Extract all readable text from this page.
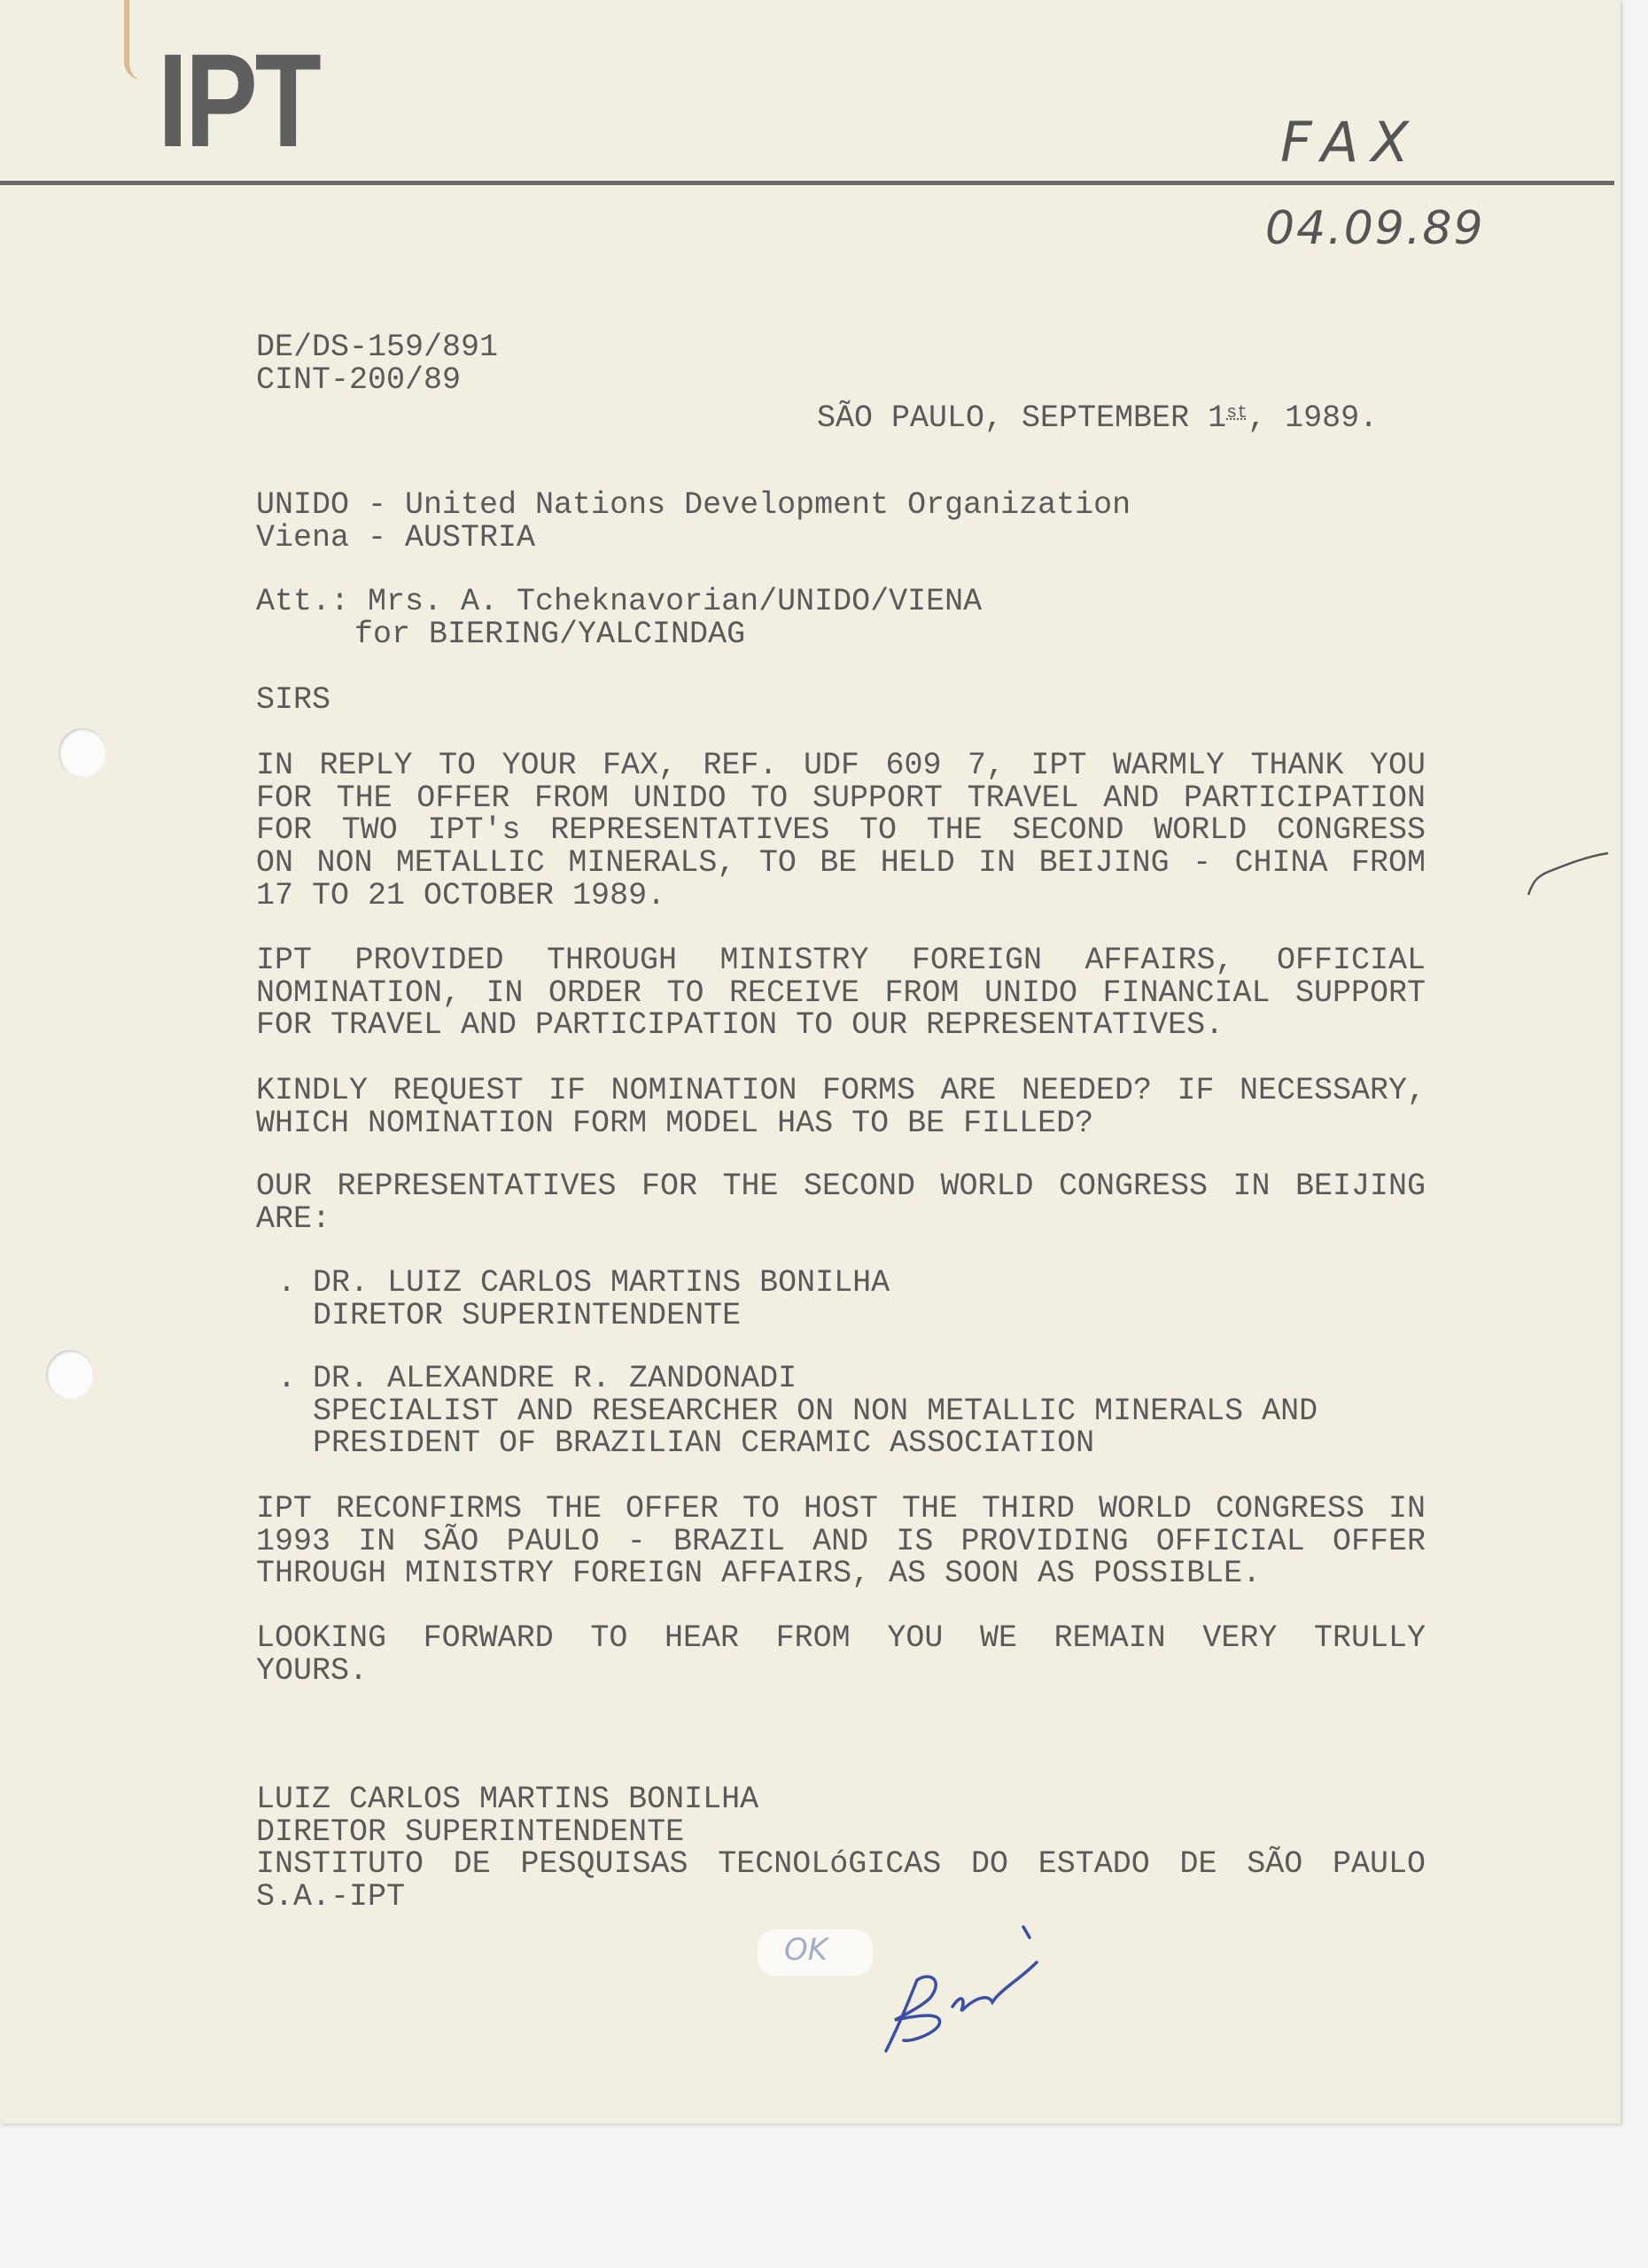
IPT	FAX
04.09.89
DE/DS-159/891
CINT-200/89
SÃO PAULO, SEPTEMBER 1st, 1989.
UNIDO - United Nations Development Organization
Viena - AUSTRIA
Att.: Mrs. A. Tcheknavorian/UNIDO/VIENA
for BIERING/YALCINDAG
SIRS
IN REPLY TO YOUR FAX, REF. UDF 609 7, IPT WARMLY THANK YOU
FOR THE OFFER FROM UNIDO TO SUPPORT TRAVEL AND PARTICIPATION
FOR TWO IPT's REPRESENTATIVES TO THE SECOND WORLD CONGRESS
ON NON METALLIC MINERALS, TO BE HELD IN BEIJING - CHINA FROM
17 TO 21 OCTOBER 1989.
IPT PROVIDED THROUGH MINISTRY FOREIGN AFFAIRS, OFFICIAL
NOMINATION, IN ORDER TO RECEIVE FROM UNIDO FINANCIAL SUPPORT
FOR TRAVEL AND PARTICIPATION TO OUR REPRESENTATIVES.
KINDLY REQUEST IF NOMINATION FORMS ARE NEEDED? IF NECESSARY,
WHICH NOMINATION FORM MODEL HAS TO BE FILLED?
OUR REPRESENTATIVES FOR THE SECOND WORLD CONGRESS IN BEIJING
ARE:
. DR. LUIZ CARLOS MARTINS BONILHA
DIRETOR SUPERINTENDENTE
. DR. ALEXANDRE R. ZANDONADI
SPECIALIST AND RESEARCHER ON NON METALLIC MINERALS AND
PRESIDENT OF BRAZILIAN CERAMIC ASSOCIATION
IPT RECONFIRMS THE OFFER TO HOST THE THIRD WORLD CONGRESS IN
1993 IN SÃO PAULO - BRAZIL AND IS PROVIDING OFFICIAL OFFER
THROUGH MINISTRY FOREIGN AFFAIRS, AS SOON AS POSSIBLE.
LOOKING FORWARD TO HEAR FROM YOU WE REMAIN VERY TRULLY
YOURS.
LUIZ CARLOS MARTINS BONILHA
DIRETOR SUPERINTENDENTE
INSTITUTO DE PESQUISAS TECNOLóGICAS DO ESTADO DE SÃO PAULO
S.A.-IPT
OK
